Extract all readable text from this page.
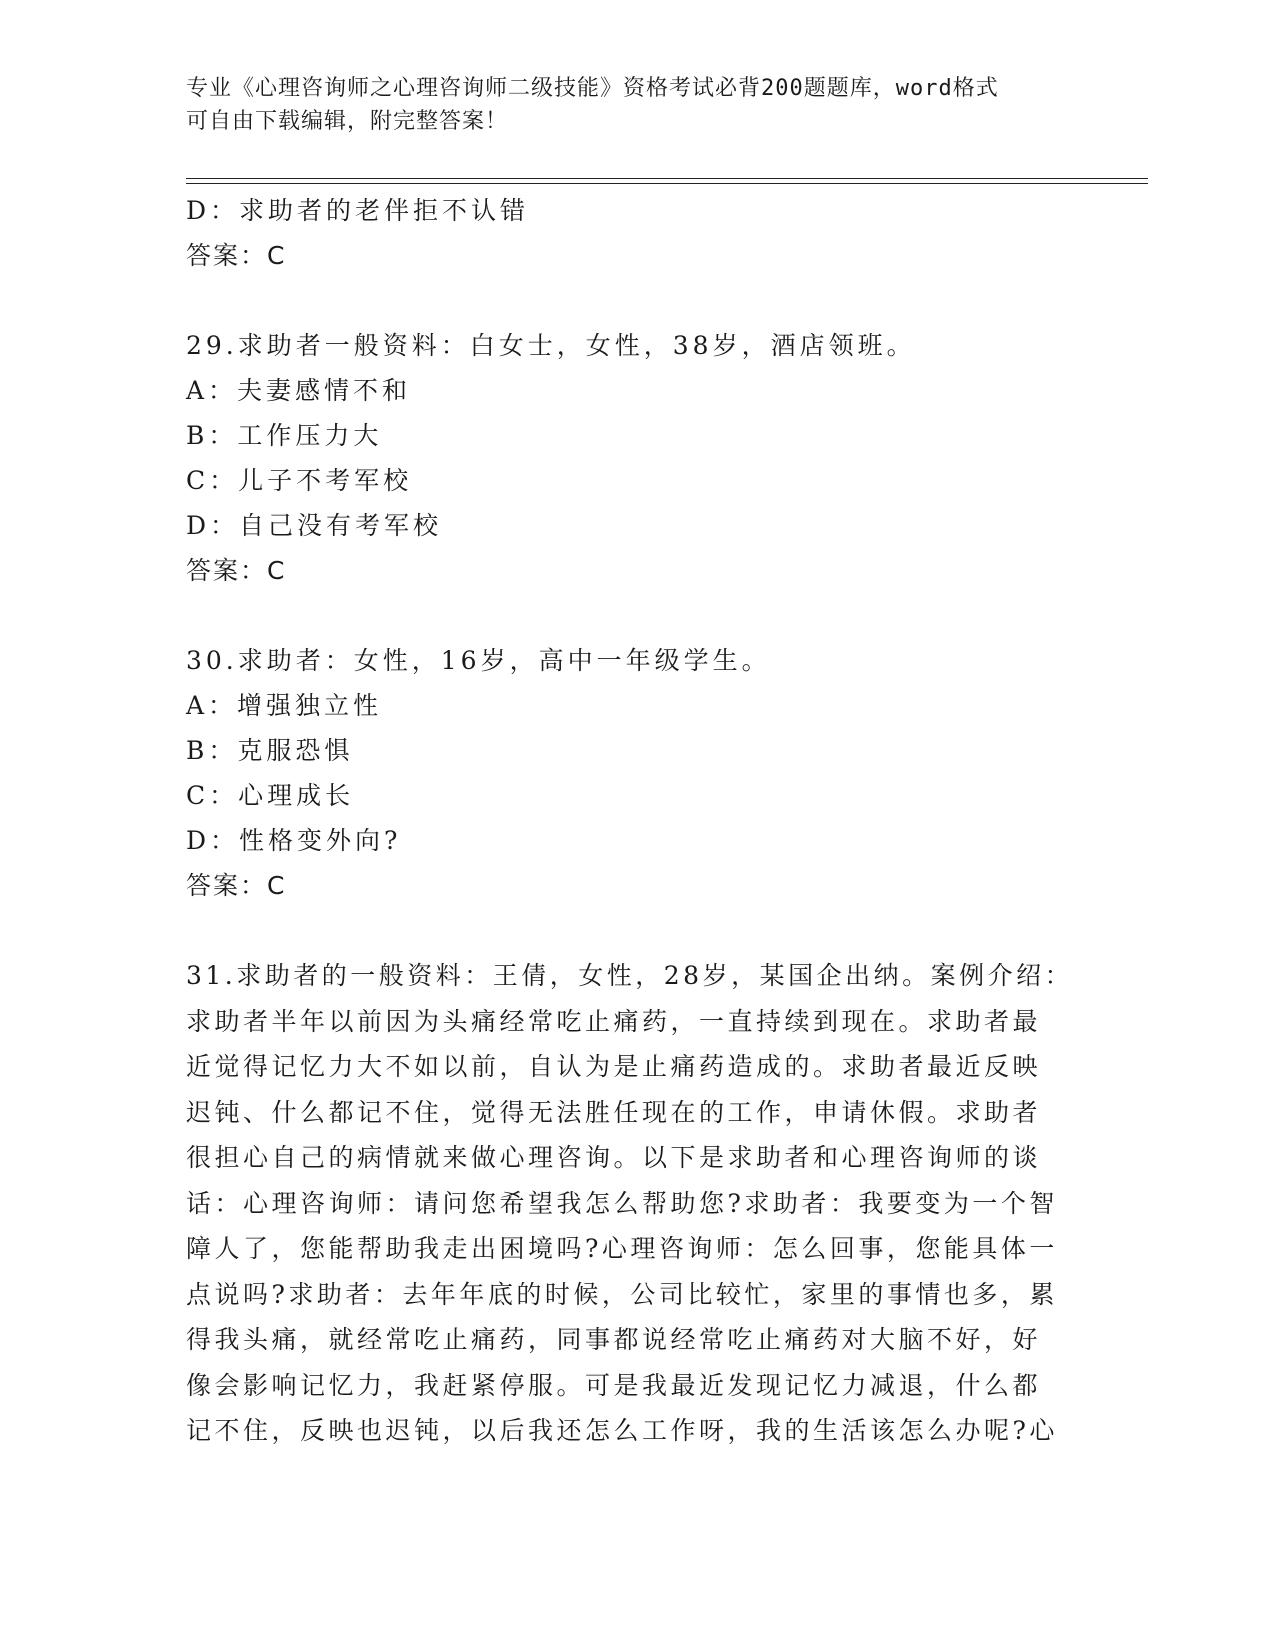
专业《心理咨询师之心理咨询师二级技能》资格考试必背200题题库，word格式
可自由下载编辑，附完整答案！
D：求助者的老伴拒不认错
答案：C
29.求助者一般资料：白女士，女性，38岁，酒店领班。
A：夫妻感情不和
B：工作压力大
C：儿子不考军校
D：自己没有考军校
答案：C
30.求助者：女性，16岁，高中一年级学生。
A：增强独立性
B：克服恐惧
C：心理成长
D：性格变外向?
答案：C
31.求助者的一般资料：王倩，女性，28岁，某国企出纳。案例介绍：
求助者半年以前因为头痛经常吃止痛药，一直持续到现在。求助者最
近觉得记忆力大不如以前，自认为是止痛药造成的。求助者最近反映
迟钝、什么都记不住，觉得无法胜任现在的工作，申请休假。求助者
很担心自己的病情就来做心理咨询。以下是求助者和心理咨询师的谈
话：心理咨询师：请问您希望我怎么帮助您?求助者：我要变为一个智
障人了，您能帮助我走出困境吗?心理咨询师：怎么回事，您能具体一
点说吗?求助者：去年年底的时候，公司比较忙，家里的事情也多，累
得我头痛，就经常吃止痛药，同事都说经常吃止痛药对大脑不好，好
像会影响记忆力，我赶紧停服。可是我最近发现记忆力减退，什么都
记不住，反映也迟钝，以后我还怎么工作呀，我的生活该怎么办呢?心
